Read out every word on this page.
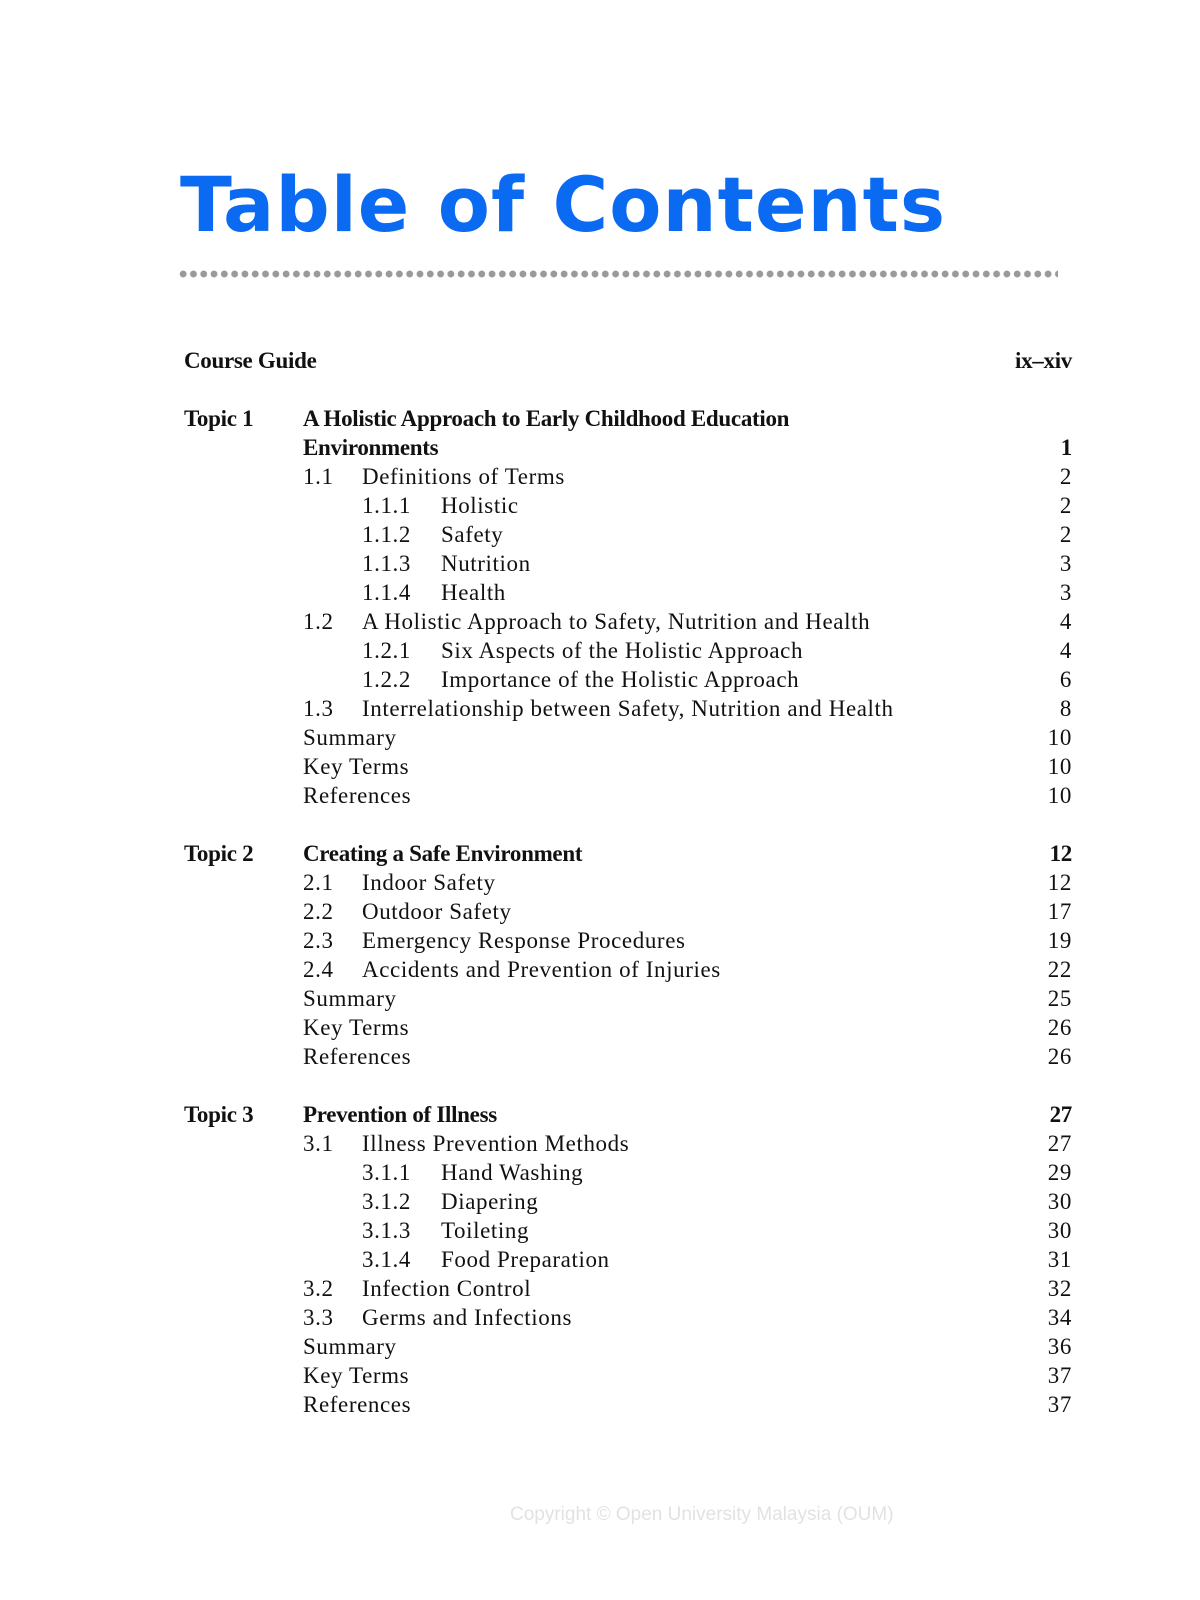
Table of Contents
Course Guide	ix–xiv
Topic 1 A Holistic Approach to Early Childhood Education
Environments	1
1.1 Definitions of Terms	2
1.1.1 Holistic	2
1.1.2 Safety	2
1.1.3 Nutrition	3
1.1.4 Health	3
1.2 A Holistic Approach to Safety, Nutrition and Health	4
1.2.1 Six Aspects of the Holistic Approach	4
1.2.2 Importance of the Holistic Approach	6
1.3 Interrelationship between Safety, Nutrition and Health	8
Summary	10
Key Terms	10
References	10
Topic 2 Creating a Safe Environment	12
2.1 Indoor Safety	12
2.2 Outdoor Safety	17
2.3 Emergency Response Procedures	19
2.4 Accidents and Prevention of Injuries	22
Summary	25
Key Terms	26
References	26
Topic 3 Prevention of Illness	27
3.1 Illness Prevention Methods	27
3.1.1 Hand Washing	29
3.1.2 Diapering	30
3.1.3 Toileting	30
3.1.4 Food Preparation	31
3.2 Infection Control	32
3.3 Germs and Infections	34
Summary	36
Key Terms	37
References	37
Copyright © Open University Malaysia (OUM)
